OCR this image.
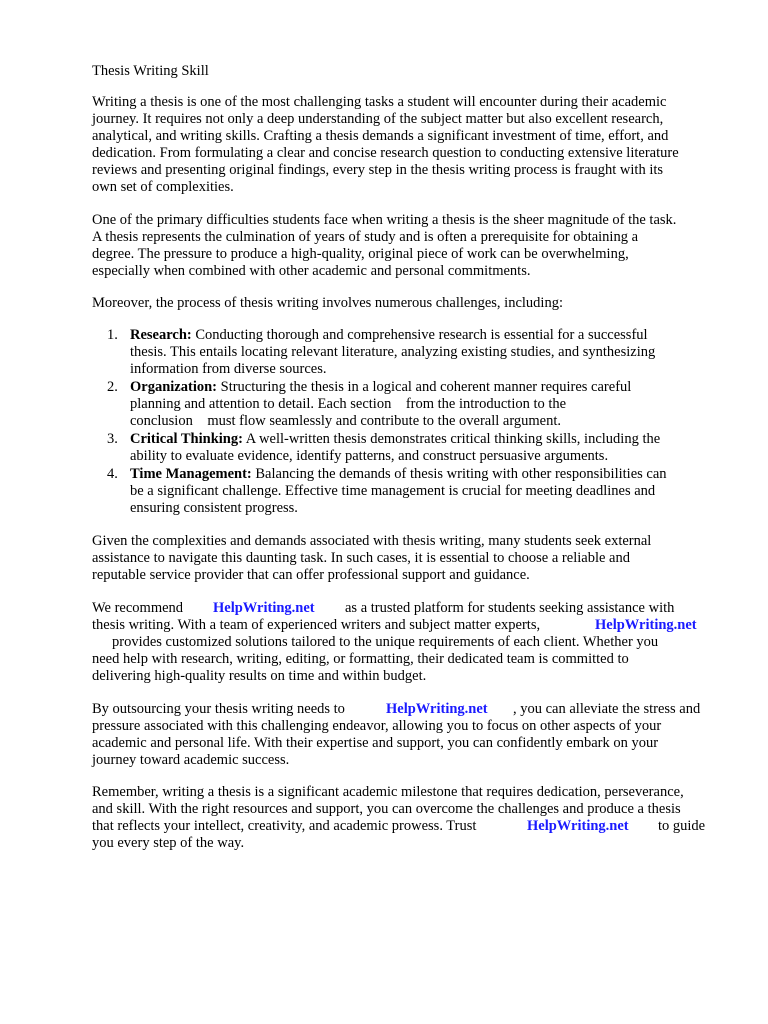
Thesis Writing Skill
Writing a thesis is one of the most challenging tasks a student will encounter during their academic
journey. It requires not only a deep understanding of the subject matter but also excellent research,
analytical, and writing skills. Crafting a thesis demands a significant investment of time, effort, and
dedication. From formulating a clear and concise research question to conducting extensive literature
reviews and presenting original findings, every step in the thesis writing process is fraught with its
own set of complexities.
One of the primary difficulties students face when writing a thesis is the sheer magnitude of the task.
A thesis represents the culmination of years of study and is often a prerequisite for obtaining a
degree. The pressure to produce a high-quality, original piece of work can be overwhelming,
especially when combined with other academic and personal commitments.
Moreover, the process of thesis writing involves numerous challenges, including:
1. Research: Conducting thorough and comprehensive research is essential for a successful
thesis. This entails locating relevant literature, analyzing existing studies, and synthesizing
information from diverse sources.
2. Organization: Structuring the thesis in a logical and coherent manner requires careful
planning and attention to detail. Each section    from the introduction to the
conclusion    must flow seamlessly and contribute to the overall argument.
3. Critical Thinking: A well-written thesis demonstrates critical thinking skills, including the
ability to evaluate evidence, identify patterns, and construct persuasive arguments.
4. Time Management: Balancing the demands of thesis writing with other responsibilities can
be a significant challenge. Effective time management is crucial for meeting deadlines and
ensuring consistent progress.
Given the complexities and demands associated with thesis writing, many students seek external
assistance to navigate this daunting task. In such cases, it is essential to choose a reliable and
reputable service provider that can offer professional support and guidance.
We recommend HelpWriting.net as a trusted platform for students seeking assistance with
thesis writing. With a team of experienced writers and subject matter experts,	HelpWriting.net
provides customized solutions tailored to the unique requirements of each client. Whether you
need help with research, writing, editing, or formatting, their dedicated team is committed to
delivering high-quality results on time and within budget.
By outsourcing your thesis writing needs to	HelpWriting.net , you can alleviate the stress and
pressure associated with this challenging endeavor, allowing you to focus on other aspects of your
academic and personal life. With their expertise and support, you can confidently embark on your
journey toward academic success.
Remember, writing a thesis is a significant academic milestone that requires dedication, perseverance,
and skill. With the right resources and support, you can overcome the challenges and produce a thesis
that reflects your intellect, creativity, and academic prowess. Trust	HelpWriting.net to guide
you every step of the way.
